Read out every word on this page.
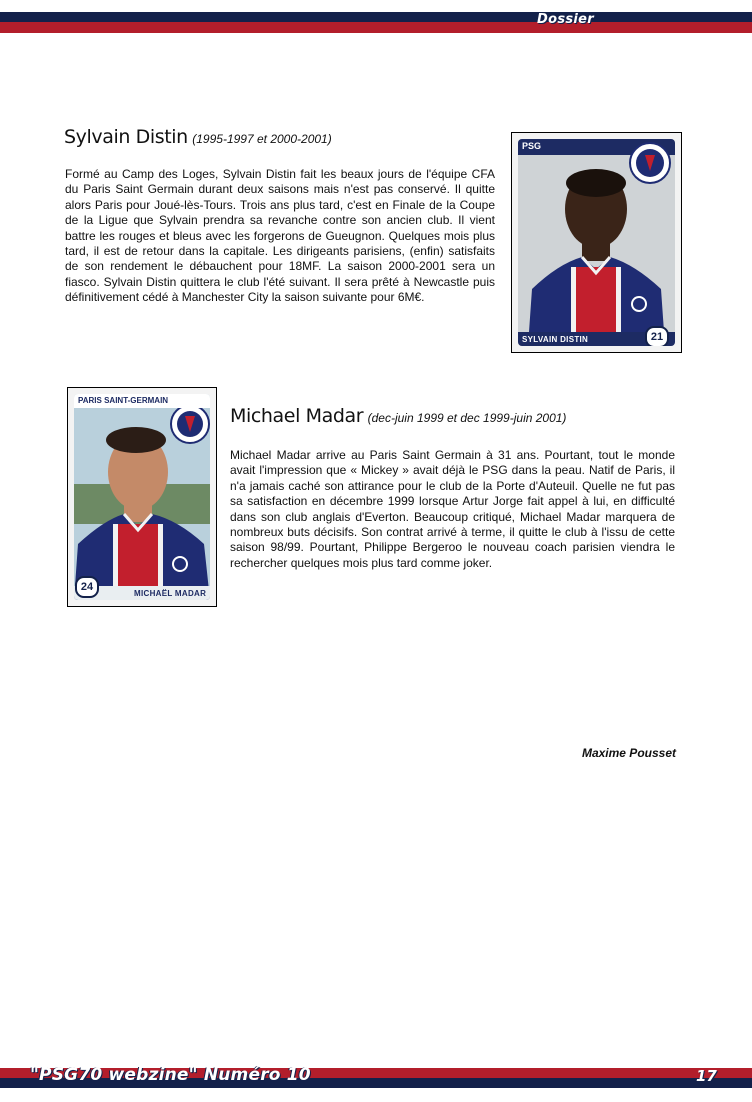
Dossier
Sylvain Distin (1995-1997 et 2000-2001)

Formé au Camp des Loges, Sylvain Distin fait les beaux jours de l'équipe CFA du Paris Saint Germain durant deux saisons mais n'est pas conservé. Il quitte alors Paris pour Joué-lès-Tours. Trois ans plus tard, c'est en Finale de la Coupe de la Ligue que Sylvain prendra sa revanche contre son ancien club. Il vient battre les rouges et bleus avec les forgerons de Gueugnon. Quelques mois plus tard, il est de retour dans la capitale. Les dirigeants parisiens, (enfin) satisfaits de son rendement le débauchent pour 18MF. La saison 2000-2001 sera un fiasco. Sylvain Distin quittera le club l'été suivant. Il sera prêté à Newcastle puis définitivement cédé à Manchester City la saison suivante pour 6M€.

PSG
SYLVAIN DISTIN	21
PARIS SAINT-GERMAIN
MICHAËL MADAR
24
Michael Madar (dec-juin 1999 et dec 1999-juin 2001)

Michael Madar arrive au Paris Saint Germain à 31 ans. Pourtant, tout le monde avait l'impression que « Mickey » avait déjà le PSG dans la peau. Natif de Paris, il n'a jamais caché son attirance pour le club de la Porte d'Auteuil. Quelle ne fut pas sa satisfaction en décembre 1999 lorsque Artur Jorge fait appel à lui, en difficulté dans son club anglais d'Everton. Beaucoup critiqué, Michael Madar marquera de nombreux buts décisifs. Son contrat arrivé à terme, il quitte le club à l'issu de cette saison 98/99. Pourtant, Philippe Bergeroo le nouveau coach parisien viendra le rechercher quelques mois plus tard comme joker.

Maxime Pousset
"PSG70 webzine" Numéro 10	17
